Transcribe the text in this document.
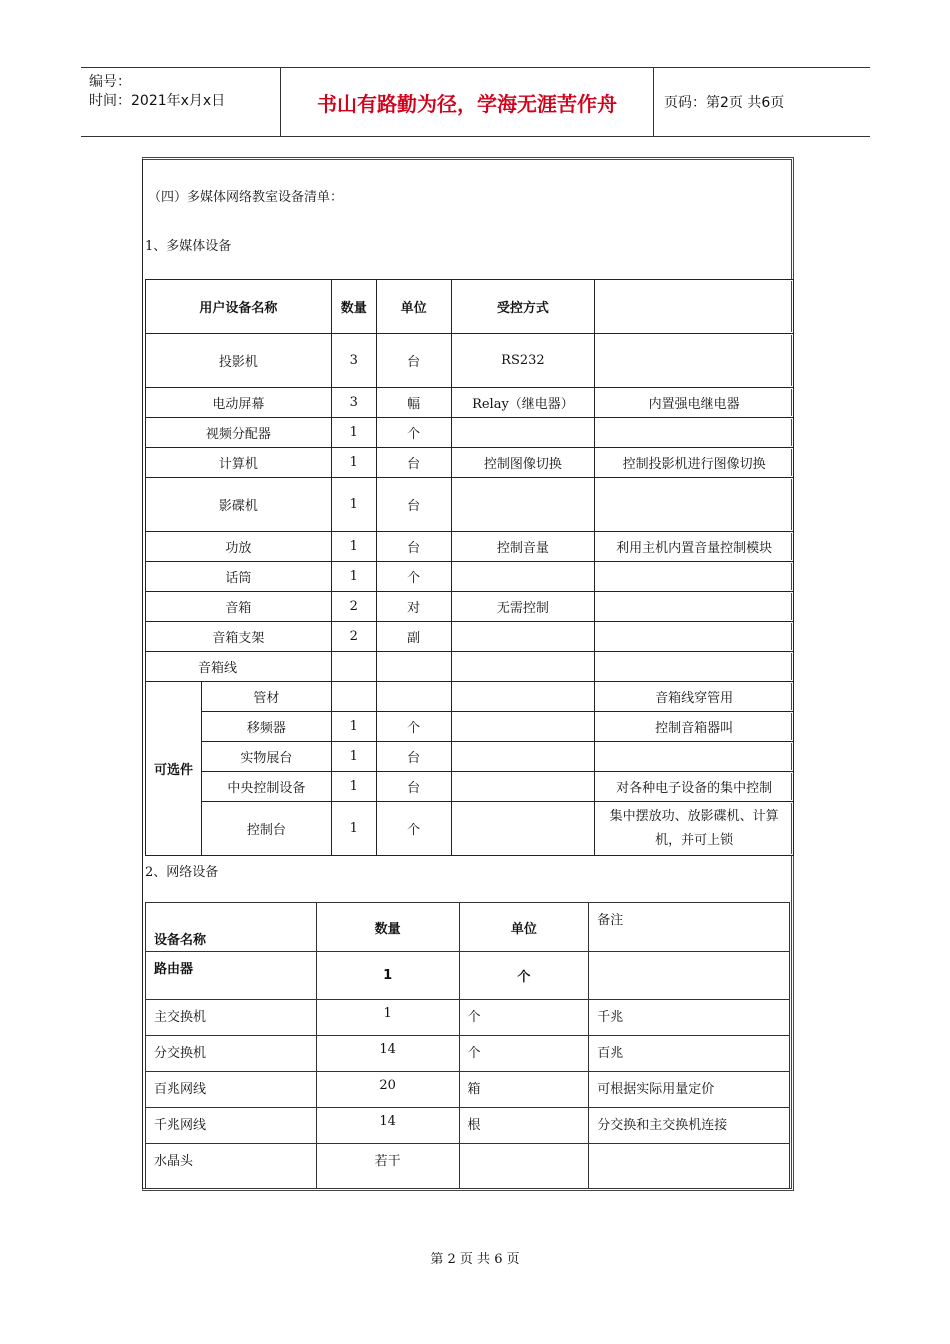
编号：
时间：2021年x月x日	书山有路勤为径，学海无涯苦作舟	页码：第2页 共6页
（四）多媒体网络教室设备清单：
1、多媒体设备
用户设备名称		数量	单位	受控方式	
投影机		3	台	RS232	
电动屏幕		3	幅	Relay（继电器）	内置强电继电器
视频分配器		1	个		
计算机		1	台	控制图像切换	控制投影机进行图像切换
影碟机		1	台		
功放		1	台	控制音量	利用主机内置音量控制模块
话筒		1	个		
音箱		2	对	无需控制	
音箱支架		2	副		
音箱线					
可选件	管材				音箱线穿管用
	移频器	1	个		控制音箱器叫
	实物展台	1	台		
	中央控制设备	1	台		对各种电子设备的集中控制
	控制台	1	个		集中摆放功、放影碟机、计算机，并可上锁
2、网络设备
设备名称	数量	单位	备注
路由器	1	个	
主交换机	1	个	千兆
分交换机	14	个	百兆
百兆网线	20	箱	可根据实际用量定价
千兆网线	14	根	分交换和主交换机连接
水晶头	若干		
第 2 页 共 6 页
